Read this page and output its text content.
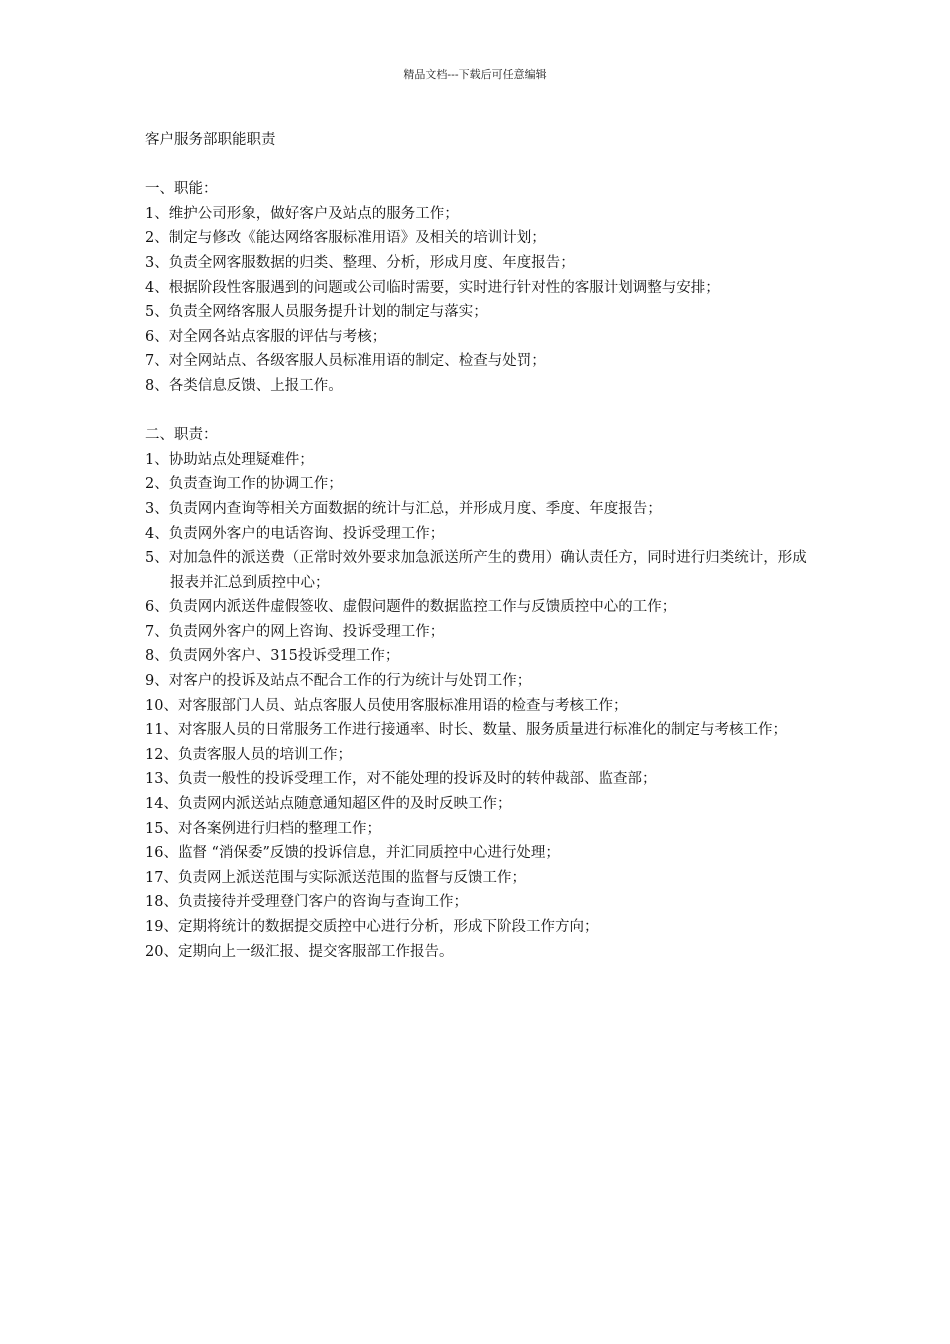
精品文档---下载后可任意编辑
客户服务部职能职责
一、职能：
1、维护公司形象，做好客户及站点的服务工作；
2、制定与修改《能达网络客服标准用语》及相关的培训计划；
3、负责全网客服数据的归类、整理、分析，形成月度、年度报告；
4、根据阶段性客服遇到的问题或公司临时需要，实时进行针对性的客服计划调整与安排；
5、负责全网络客服人员服务提升计划的制定与落实；
6、对全网各站点客服的评估与考核；
7、对全网站点、各级客服人员标准用语的制定、检查与处罚；
8、各类信息反馈、上报工作。
二、职责：
1、协助站点处理疑难件；
2、负责查询工作的协调工作；
3、负责网内查询等相关方面数据的统计与汇总，并形成月度、季度、年度报告；
4、负责网外客户的电话咨询、投诉受理工作；
5、对加急件的派送费（正常时效外要求加急派送所产生的费用）确认责任方，同时进行归类统计，形成报表并汇总到质控中心；
6、负责网内派送件虚假签收、虚假问题件的数据监控工作与反馈质控中心的工作；
7、负责网外客户的网上咨询、投诉受理工作；
8、负责网外客户、315投诉受理工作；
9、对客户的投诉及站点不配合工作的行为统计与处罚工作；
10、对客服部门人员、站点客服人员使用客服标准用语的检查与考核工作；
11、对客服人员的日常服务工作进行接通率、时长、数量、服务质量进行标准化的制定与考核工作；
12、负责客服人员的培训工作；
13、负责一般性的投诉受理工作，对不能处理的投诉及时的转仲裁部、监查部；
14、负责网内派送站点随意通知超区件的及时反映工作；
15、对各案例进行归档的整理工作；
16、监督 “消保委”反馈的投诉信息，并汇同质控中心进行处理；
17、负责网上派送范围与实际派送范围的监督与反馈工作；
18、负责接待并受理登门客户的咨询与查询工作；
19、定期将统计的数据提交质控中心进行分析，形成下阶段工作方向；
20、定期向上一级汇报、提交客服部工作报告。
